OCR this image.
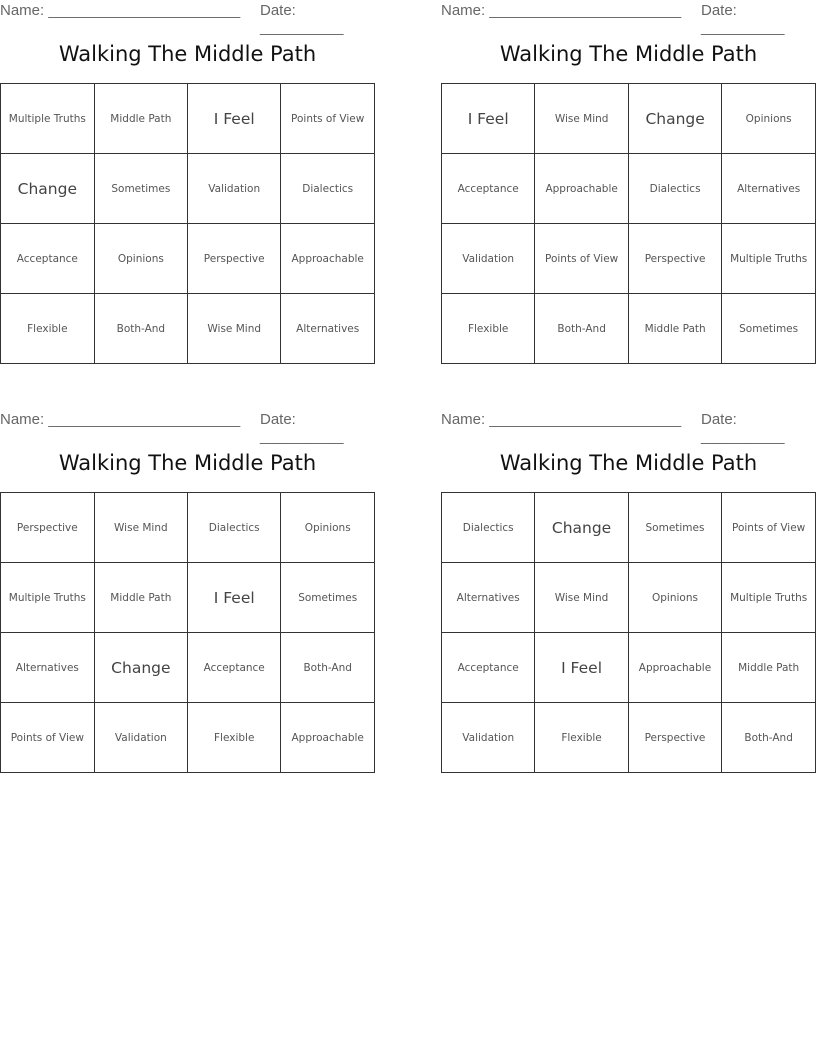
Name: _______________________ Date: __________
Walking The Middle Path
Multiple Truths	Middle Path	I Feel	Points of View
Change	Sometimes	Validation	Dialectics
Acceptance	Opinions	Perspective	Approachable
Flexible	Both-And	Wise Mind	Alternatives
Name: _______________________ Date: __________
Walking The Middle Path
I Feel	Wise Mind	Change	Opinions
Acceptance	Approachable	Dialectics	Alternatives
Validation	Points of View	Perspective	Multiple Truths
Flexible	Both-And	Middle Path	Sometimes
Name: _______________________ Date: __________
Walking The Middle Path
Perspective	Wise Mind	Dialectics	Opinions
Multiple Truths	Middle Path	I Feel	Sometimes
Alternatives	Change	Acceptance	Both-And
Points of View	Validation	Flexible	Approachable
Name: _______________________ Date: __________
Walking The Middle Path
Dialectics	Change	Sometimes	Points of View
Alternatives	Wise Mind	Opinions	Multiple Truths
Acceptance	I Feel	Approachable	Middle Path
Validation	Flexible	Perspective	Both-And
